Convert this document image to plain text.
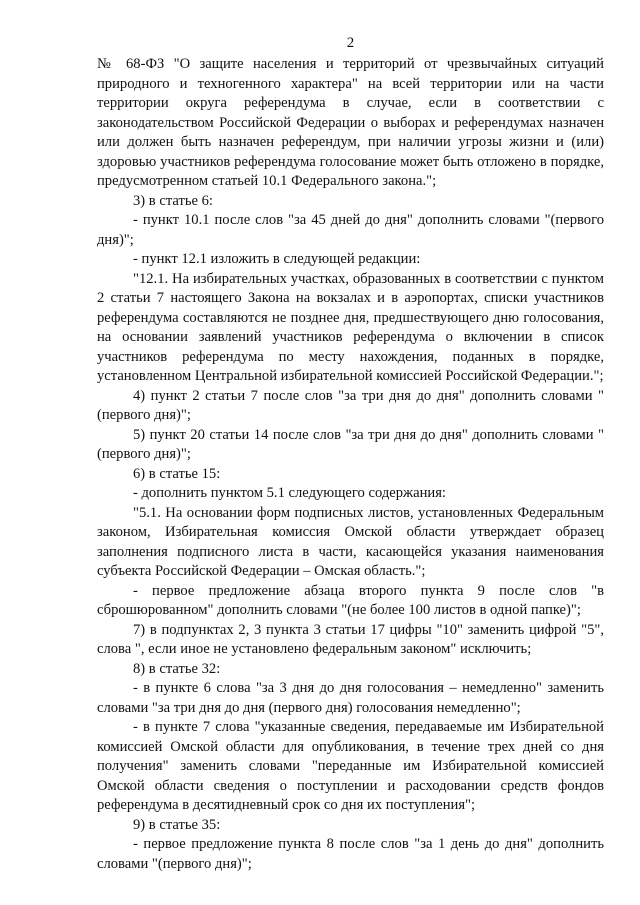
2

№ 68-ФЗ "О защите населения и территорий от чрезвычайных ситуаций природного и техногенного характера" на всей территории или на части территории округа референдума в случае, если в соответствии с законодательством Российской Федерации о выборах и референдумах назначен или должен быть назначен референдум, при наличии угрозы жизни и (или) здоровью участников референдума голосование может быть отложено в порядке, предусмотренном статьей 10.1 Федерального закона.";

3) в статье 6:

- пункт 10.1 после слов "за 45 дней до дня" дополнить словами "(первого дня)";

- пункт 12.1 изложить в следующей редакции:

"12.1. На избирательных участках, образованных в соответствии с пунктом 2 статьи 7 настоящего Закона на вокзалах и в аэропортах, списки участников референдума составляются не позднее дня, предшествующего дню голосования, на основании заявлений участников референдума о включении в список участников референдума по месту нахождения, поданных в порядке, установленном Центральной избирательной комиссией Российской Федерации.";

4) пункт 2 статьи 7 после слов "за три дня до дня" дополнить словами "(первого дня)";

5) пункт 20 статьи 14 после слов "за три дня до дня" дополнить словами "(первого дня)";

6) в статье 15:

- дополнить пунктом 5.1 следующего содержания:

"5.1. На основании форм подписных листов, установленных Федеральным законом, Избирательная комиссия Омской области утверждает образец заполнения подписного листа в части, касающейся указания наименования субъекта Российской Федерации – Омская область.";

- первое предложение абзаца второго пункта 9 после слов "в сброшюрованном" дополнить словами "(не более 100 листов в одной папке)";

7) в подпунктах 2, 3 пункта 3 статьи 17 цифры "10" заменить цифрой "5", слова ", если иное не установлено федеральным законом" исключить;

8) в статье 32:

- в пункте 6 слова "за 3 дня до дня голосования – немедленно" заменить словами "за три дня до дня (первого дня) голосования немедленно";

- в пункте 7 слова "указанные сведения, передаваемые им Избирательной комиссией Омской области для опубликования, в течение трех дней со дня получения" заменить словами "переданные им Избирательной комиссией Омской области сведения о поступлении и расходовании средств фондов референдума в десятидневный срок со дня их поступления";

9) в статье 35:

- первое предложение пункта 8 после слов "за 1 день до дня" дополнить словами "(первого дня)";
